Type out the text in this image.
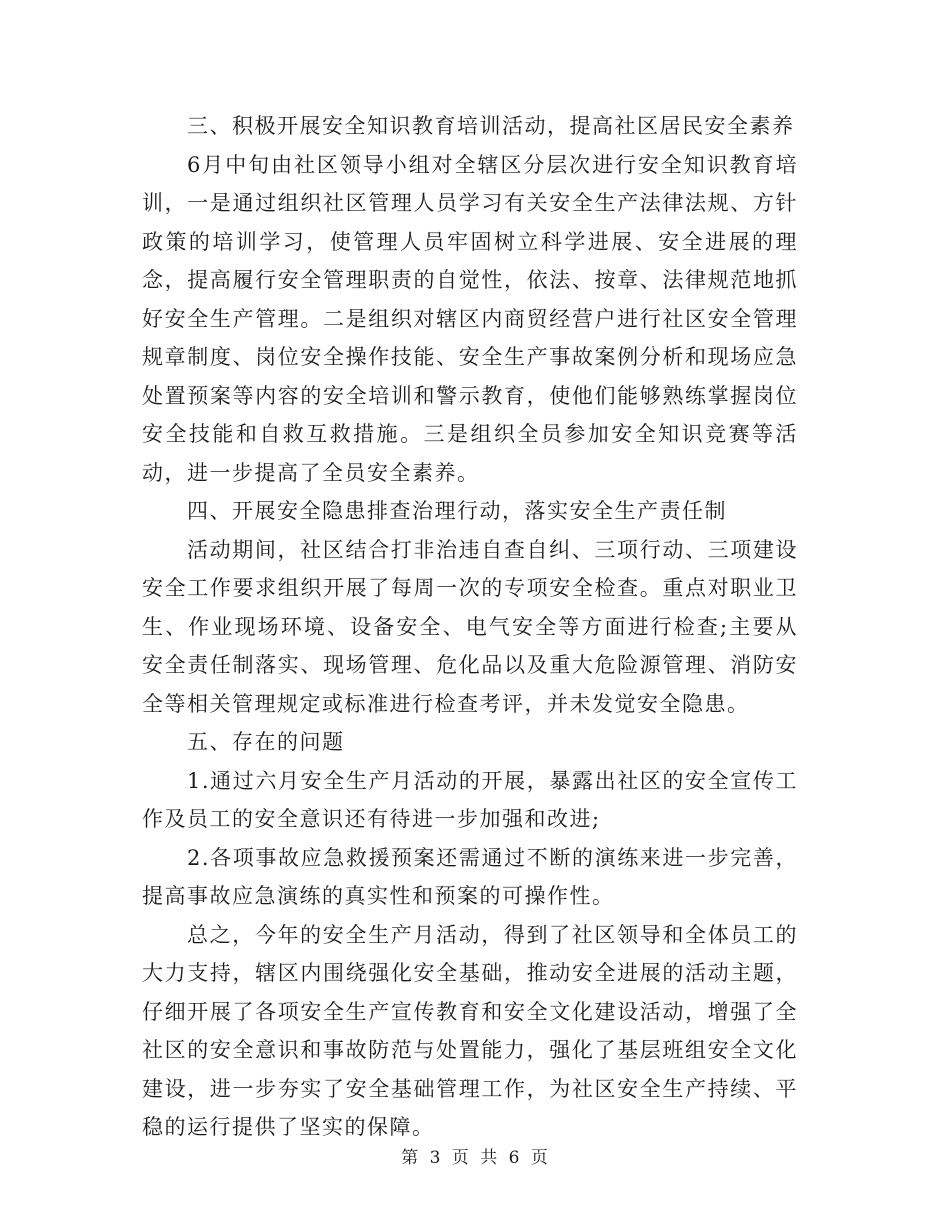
三、积极开展安全知识教育培训活动，提高社区居民安全素养

6月中旬由社区领导小组对全辖区分层次进行安全知识教育培训，一是通过组织社区管理人员学习有关安全生产法律法规、方针政策的培训学习，使管理人员牢固树立科学进展、安全进展的理念，提高履行安全管理职责的自觉性，依法、按章、法律规范地抓好安全生产管理。二是组织对辖区内商贸经营户进行社区安全管理规章制度、岗位安全操作技能、安全生产事故案例分析和现场应急处置预案等内容的安全培训和警示教育，使他们能够熟练掌握岗位安全技能和自救互救措施。三是组织全员参加安全知识竞赛等活动，进一步提高了全员安全素养。

四、开展安全隐患排查治理行动，落实安全生产责任制

活动期间，社区结合打非治违自查自纠、三项行动、三项建设安全工作要求组织开展了每周一次的专项安全检查。重点对职业卫生、作业现场环境、设备安全、电气安全等方面进行检查;主要从安全责任制落实、现场管理、危化品以及重大危险源管理、消防安全等相关管理规定或标准进行检查考评，并未发觉安全隐患。

五、存在的问题

1.通过六月安全生产月活动的开展，暴露出社区的安全宣传工作及员工的安全意识还有待进一步加强和改进;

2.各项事故应急救援预案还需通过不断的演练来进一步完善，提高事故应急演练的真实性和预案的可操作性。

总之，今年的安全生产月活动，得到了社区领导和全体员工的大力支持，辖区内围绕强化安全基础，推动安全进展的活动主题，仔细开展了各项安全生产宣传教育和安全文化建设活动，增强了全社区的安全意识和事故防范与处置能力，强化了基层班组安全文化建设，进一步夯实了安全基础管理工作，为社区安全生产持续、平稳的运行提供了坚实的保障。

第 3 页 共 6 页
